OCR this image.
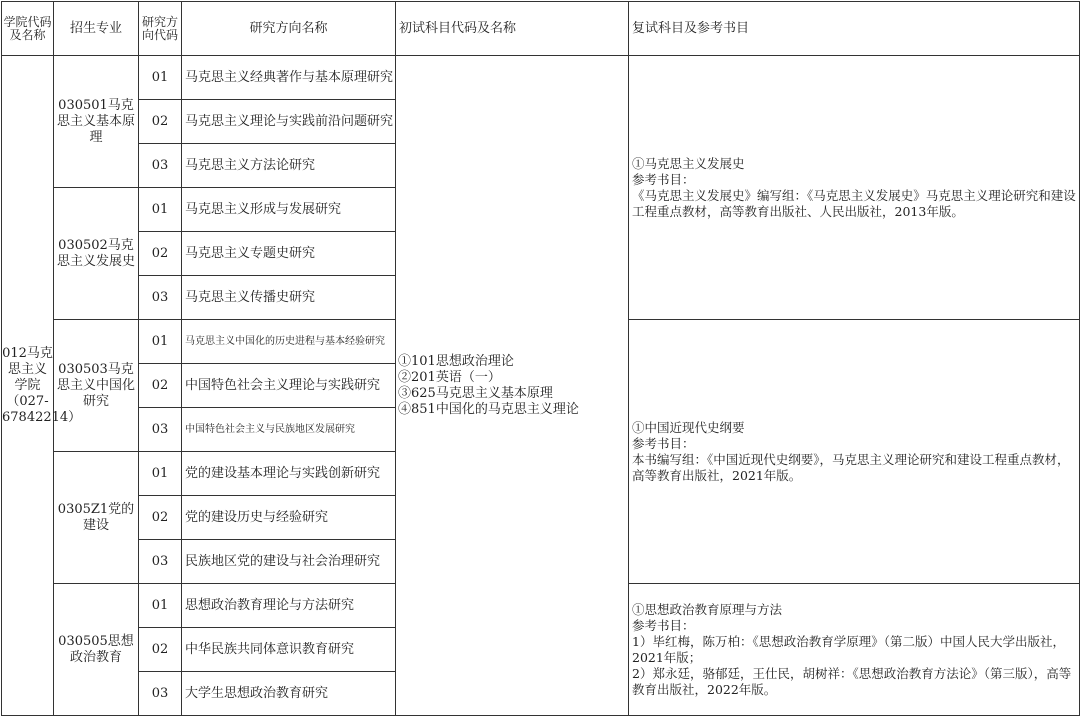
学院代码及名称	招生专业	研究方向代码	研究方向名称	初试科目代码及名称	复试科目及参考书目
012马克思主义学院（027-67842214）	030501马克思主义基本原理	01	马克思主义经典著作与基本原理研究	①101思想政治理论
②201英语（一）
③625马克思主义基本原理
④851中国化的马克思主义理论	①马克思主义发展史
参考书目：
《马克思主义发展史》编写组：《马克思主义发展史》马克思主义理论研究和建设工程重点教材，高等教育出版社、人民出版社，2013年版。

		02	马克思主义理论与实践前沿问题研究		
		03	马克思主义方法论研究		
	030502马克思主义发展史	01	马克思主义形成与发展研究		
		02	马克思主义专题史研究		
		03	马克思主义传播史研究		
	030503马克思主义中国化研究	01	马克思主义中国化的历史进程与基本经验研究		①中国近现代史纲要
参考书目：
本书编写组：《中国近现代史纲要》，马克思主义理论研究和建设工程重点教材，高等教育出版社，2021年版。

		02	中国特色社会主义理论与实践研究		
		03	中国特色社会主义与民族地区发展研究		
	0305Z1党的建设	01	党的建设基本理论与实践创新研究		
		02	党的建设历史与经验研究		
		03	民族地区党的建设与社会治理研究		
	030505思想政治教育	01	思想政治教育理论与方法研究		①思想政治教育原理与方法
参考书目：
1）毕红梅，陈万柏：《思想政治教育学原理》（第二版）中国人民大学出版社，2021年版；
2）郑永廷，骆郁廷，王仕民，胡树祥：《思想政治教育方法论》（第三版），高等教育出版社，2022年版。

		02	中华民族共同体意识教育研究		
		03	大学生思想政治教育研究		
